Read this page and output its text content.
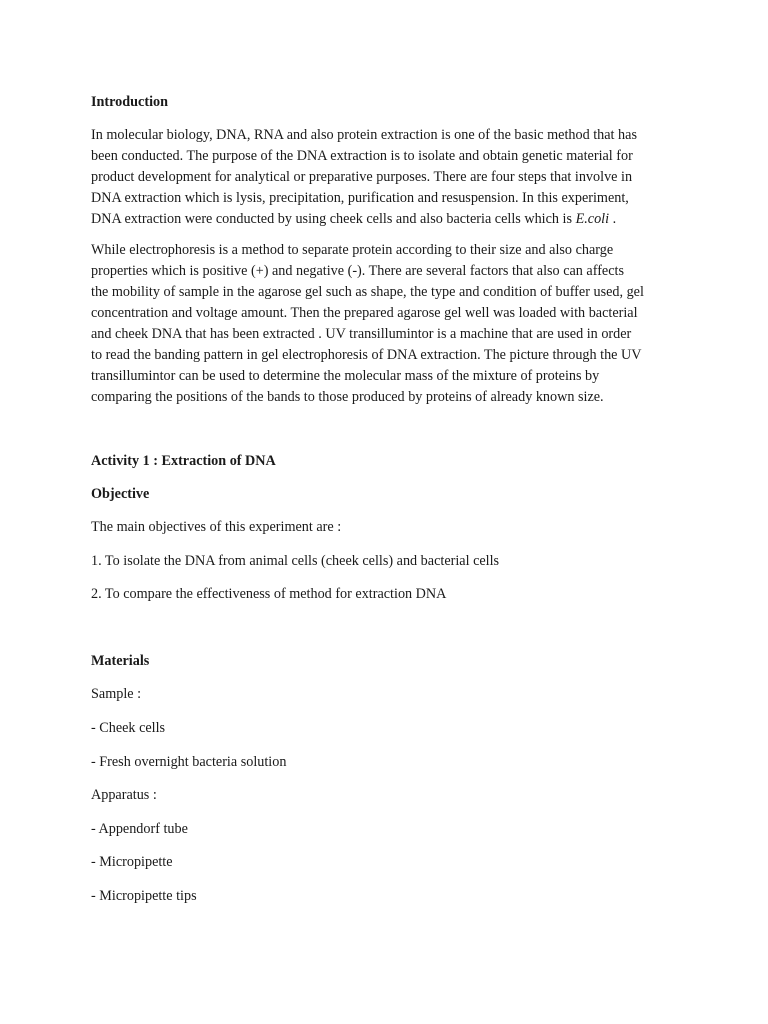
Introduction

In molecular biology, DNA, RNA and also protein extraction is one of the basic method that has
been conducted. The purpose of the DNA extraction is to isolate and obtain genetic material for
product development for analytical or preparative purposes. There are four steps that involve in
DNA extraction which is lysis, precipitation, purification and resuspension. In this experiment,
DNA extraction were conducted by using cheek cells and also bacteria cells which is E.coli .
While electrophoresis is a method to separate protein according to their size and also charge
properties which is positive (+) and negative (-). There are several factors that also can affects
the mobility of sample in the agarose gel such as shape, the type and condition of buffer used, gel
concentration and voltage amount. Then the prepared agarose gel well was loaded with bacterial
and cheek DNA that has been extracted . UV transillumintor is a machine that are used in order
to read the banding pattern in gel electrophoresis of DNA extraction. The picture through the UV
transillumintor can be used to determine the molecular mass of the mixture of proteins by
comparing the positions of the bands to those produced by proteins of already known size.

Activity 1 : Extraction of DNA

Objective

The main objectives of this experiment are :

1. To isolate the DNA from animal cells (cheek cells) and bacterial cells

2. To compare the effectiveness of method for extraction DNA

Materials

Sample :

- Cheek cells

- Fresh overnight bacteria solution

Apparatus :

- Appendorf tube

- Micropipette

- Micropipette tips
